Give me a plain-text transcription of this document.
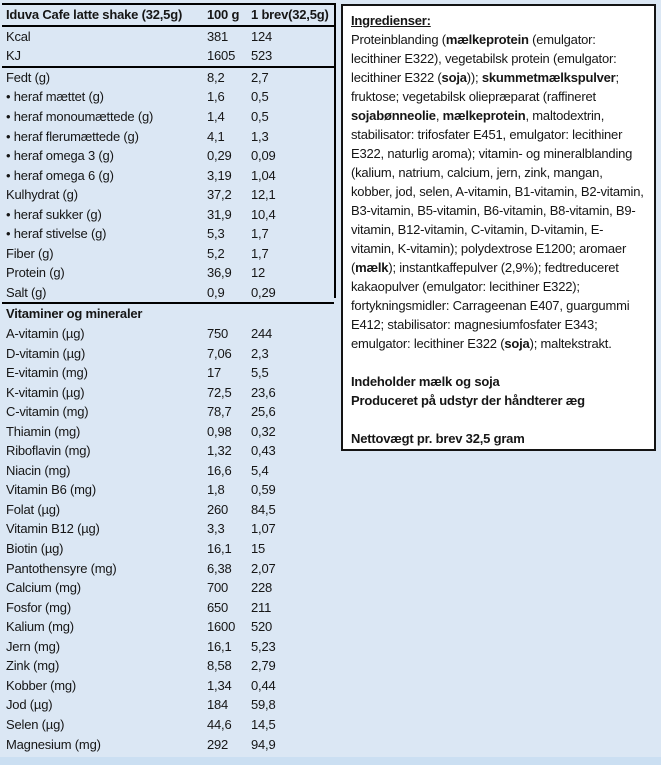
Iduva Cafe latte shake (32,5g)	100 g 1 brev(32,5g)
Kcal	381	124
KJ	1605	523
Fedt (g)	8,2	2,7
• heraf mættet (g)	1,6	0,5
• heraf monoumættede (g)	1,4	0,5
• heraf flerumættede (g)	4,1	1,3
• heraf omega 3 (g)	0,29	0,09
• heraf omega 6 (g)	3,19	1,04
Kulhydrat (g)	37,2	12,1
• heraf sukker (g)	31,9	10,4
• heraf stivelse (g)	5,3	1,7
Fiber (g)	5,2	1,7
Protein (g)	36,9	12
Salt (g)	0,9	0,29
Vitaminer og mineraler
A-vitamin (µg)	750	244
D-vitamin (µg)	7,06	2,3
E-vitamin (mg)	17	5,5
K-vitamin (µg)	72,5	23,6
C-vitamin (mg)	78,7	25,6
Thiamin (mg)	0,98	0,32
Riboflavin (mg)	1,32	0,43
Niacin (mg)	16,6	5,4
Vitamin B6 (mg)	1,8	0,59
Folat (µg)	260	84,5
Vitamin B12 (µg)	3,3	1,07
Biotin (µg)	16,1	15
Pantothensyre (mg)	6,38	2,07
Calcium (mg)	700	228
Fosfor (mg)	650	211
Kalium (mg)	1600	520
Jern (mg)	16,1	5,23
Zink (mg)	8,58	2,79
Kobber (mg)	1,34	0,44
Jod (µg)	184	59,8
Selen (µg)	44,6	14,5
Magnesium (mg)	292	94,9
Ingredienser:

Proteinblanding (mælkeprotein (emulgator: lecithiner E322), vegetabilsk protein (emulgator: lecithiner E322 (soja)); skummetmælkspulver; fruktose; vegetabilsk oliepræparat (raffineret sojabønneolie, mælkeprotein, maltodextrin, stabilisator: trifosfater E451, emulgator: lecithiner E322, naturlig aroma); vitamin- og mineralblanding (kalium, natrium, calcium, jern, zink, mangan, kobber, jod, selen, A-vitamin, B1-vitamin, B2-vitamin, B3-vitamin, B5-vitamin, B6-vitamin, B8-vitamin, B9-vitamin, B12-vitamin, C-vitamin, D-vitamin, E-vitamin, K-vitamin); polydextrose E1200; aromaer (mælk); instantkaffepulver (2,9%); fedtreduceret kakaopulver (emulgator: lecithiner E322); fortykningsmidler: Carrageenan E407, guargummi E412; stabilisator: magnesiumfosfater E343; emulgator: lecithiner E322 (soja); maltekstrakt.

Indeholder mælk og soja
Produceret på udstyr der håndterer æg
Nettovægt pr. brev 32,5 gram
